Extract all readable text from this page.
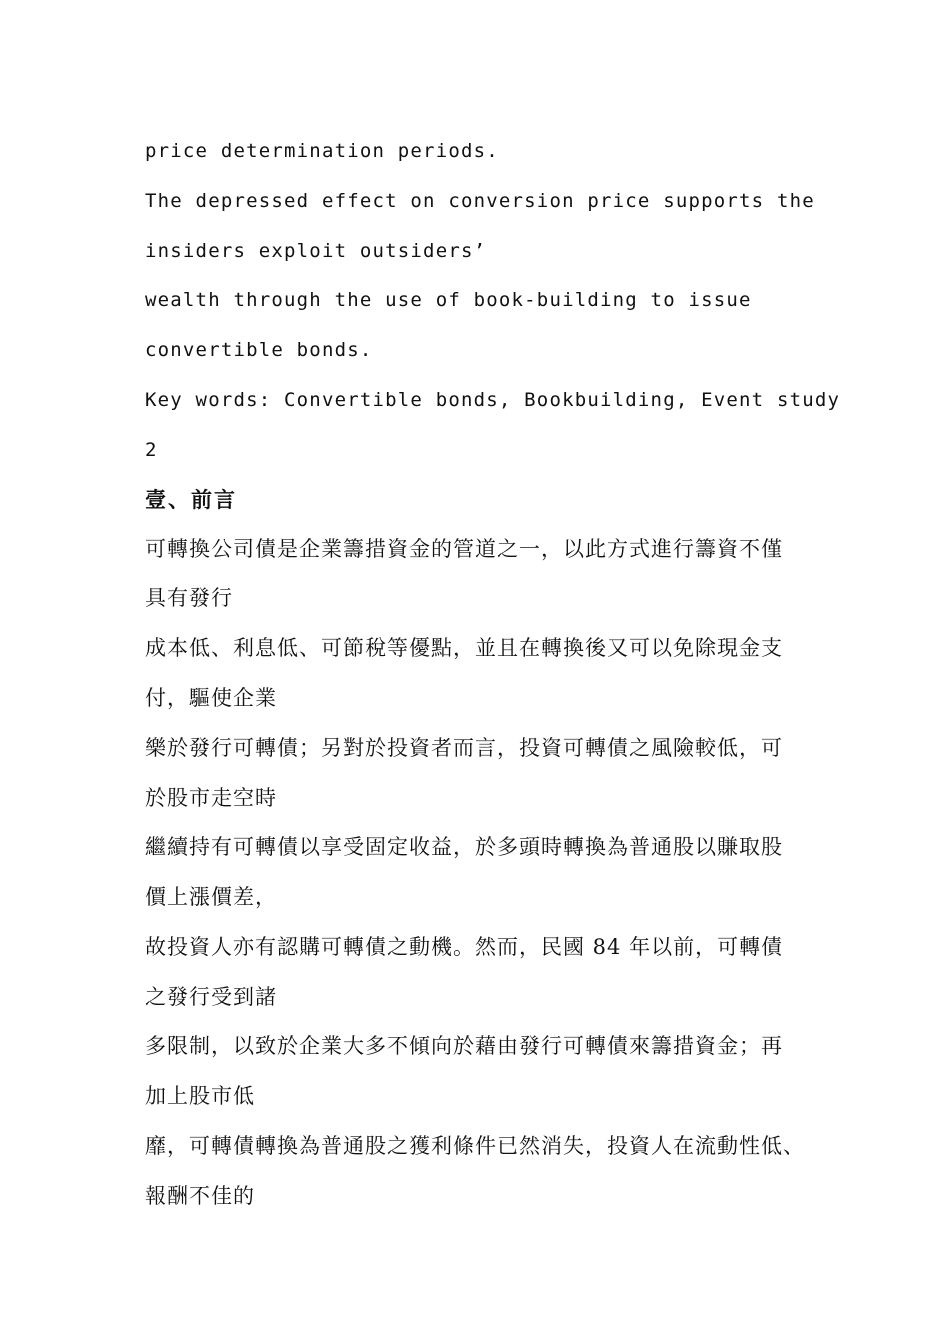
price determination periods.
The depressed effect on conversion price supports the
insiders exploit outsiders’
wealth through the use of book-building to issue
convertible bonds.
Key words: Convertible bonds, Bookbuilding, Event study
2
壹、前言
可轉換公司債是企業籌措資金的管道之一，以此方式進行籌資不僅
具有發行
成本低、利息低、可節稅等優點，並且在轉換後又可以免除現金支
付，驅使企業
樂於發行可轉債；另對於投資者而言，投資可轉債之風險較低，可
於股市走空時
繼續持有可轉債以享受固定收益，於多頭時轉換為普通股以賺取股
價上漲價差，
故投資人亦有認購可轉債之動機。然而，民國 84 年以前，可轉債
之發行受到諸
多限制，以致於企業大多不傾向於藉由發行可轉債來籌措資金；再
加上股市低
靡，可轉債轉換為普通股之獲利條件已然消失，投資人在流動性低、
報酬不佳的
